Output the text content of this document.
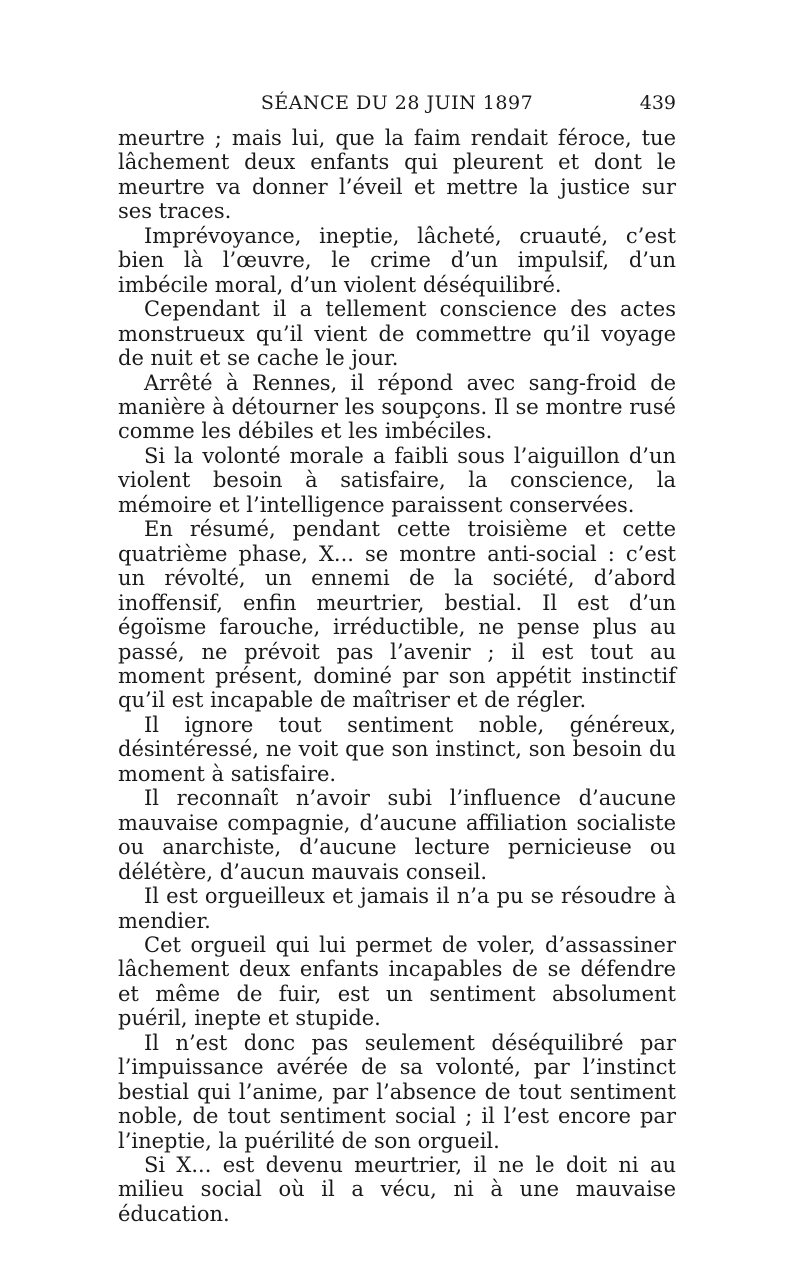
SÉANCE DU 28 JUIN 1897	439

meurtre ; mais lui, que la faim rendait féroce, tue lâchement deux enfants qui pleurent et dont le meurtre va donner l’éveil et mettre la justice sur ses traces.

Imprévoyance, ineptie, lâcheté, cruauté, c’est bien là l’œuvre, le crime d’un impulsif, d’un imbécile moral, d’un violent déséquilibré.

Cependant il a tellement conscience des actes monstrueux qu’il vient de commettre qu’il voyage de nuit et se cache le jour.

Arrêté à Rennes, il répond avec sang-froid de manière à détourner les soupçons. Il se montre rusé comme les débiles et les imbéciles.

Si la volonté morale a faibli sous l’aiguillon d’un violent besoin à satisfaire, la conscience, la mémoire et l’intelligence paraissent conservées.

En résumé, pendant cette troisième et cette quatrième phase, X... se montre anti-social : c’est un révolté, un ennemi de la société, d’abord inoffensif, enfin meurtrier, bestial. Il est d’un égoïsme farouche, irréductible, ne pense plus au passé, ne prévoit pas l’avenir ; il est tout au moment présent, dominé par son appétit instinctif qu’il est incapable de maîtriser et de régler.

Il ignore tout sentiment noble, généreux, désintéressé, ne voit que son instinct, son besoin du moment à satisfaire.

Il reconnaît n’avoir subi l’influence d’aucune mauvaise compagnie, d’aucune affiliation socialiste ou anarchiste, d’aucune lecture pernicieuse ou délétère, d’aucun mauvais conseil.

Il est orgueilleux et jamais il n’a pu se résoudre à mendier.

Cet orgueil qui lui permet de voler, d’assassiner lâchement deux enfants incapables de se défendre et même de fuir, est un sentiment absolument puéril, inepte et stupide.

Il n’est donc pas seulement déséquilibré par l’impuissance avérée de sa volonté, par l’instinct bestial qui l’anime, par l’absence de tout sentiment noble, de tout sentiment social ; il l’est encore par l’ineptie, la puérilité de son orgueil.

Si X... est devenu meurtrier, il ne le doit ni au milieu social où il a vécu, ni à une mauvaise éducation.
